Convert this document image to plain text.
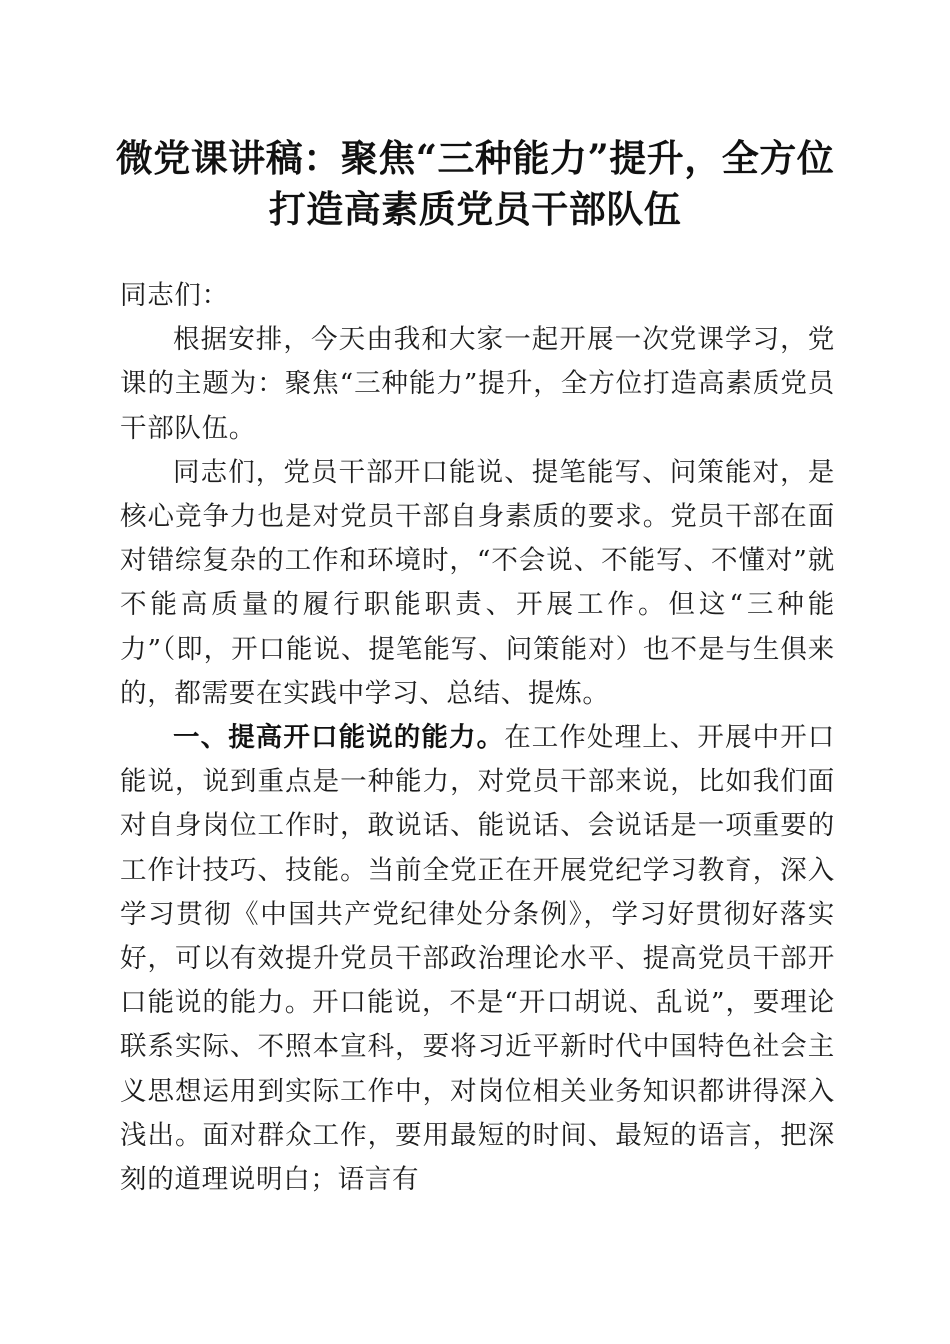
微党课讲稿：聚焦“三种能力”提升，全方位
打造高素质党员干部队伍

同志们：

根据安排，今天由我和大家一起开展一次党课学习，党课的主题为：聚焦“三种能力”提升，全方位打造高素质党员干部队伍。

同志们，党员干部开口能说、提笔能写、问策能对，是核心竞争力也是对党员干部自身素质的要求。党员干部在面对错综复杂的工作和环境时，“不会说、不能写、不懂对”就不能高质量的履行职能职责、开展工作。但这“三种能力”（即，开口能说、提笔能写、问策能对）也不是与生俱来的，都需要在实践中学习、总结、提炼。

一、提高开口能说的能力。在工作处理上、开展中开口能说，说到重点是一种能力，对党员干部来说，比如我们面对自身岗位工作时，敢说话、能说话、会说话是一项重要的工作计技巧、技能。当前全党正在开展党纪学习教育，深入学习贯彻《中国共产党纪律处分条例》，学习好贯彻好落实好，可以有效提升党员干部政治理论水平、提高党员干部开口能说的能力。开口能说，不是“开口胡说、乱说”，要理论联系实际、不照本宣科，要将习近平新时代中国特色社会主义思想运用到实际工作中，对岗位相关业务知识都讲得深入浅出。面对群众工作，要用最短的时间、最短的语言，把深刻的道理说明白；语言有
